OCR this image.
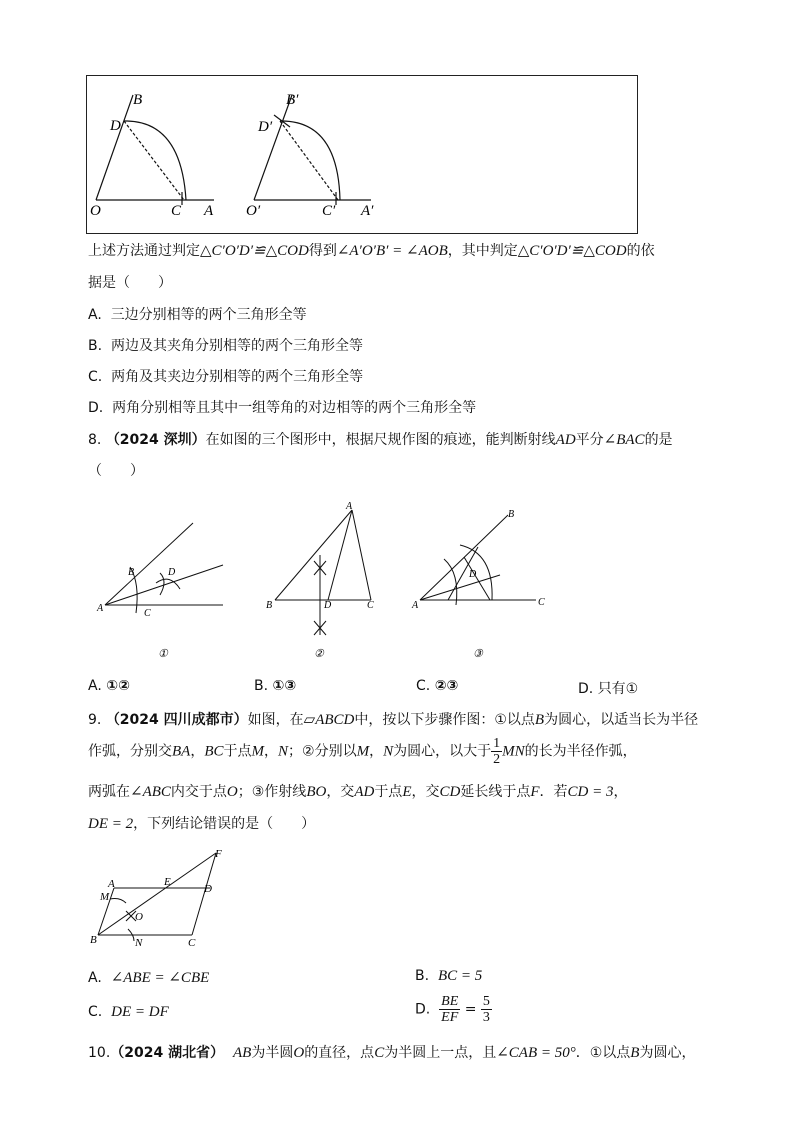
B
D
O	C A
B′
D′
O′	C′ A′
上述方法通过判定△C′O′D′≌△COD得到∠A′O′B′ = ∠AOB，其中判定△C′O′D′≌△COD的依
据是（　　）
A. 三边分别相等的两个三角形全等
B. 两边及其夹角分别相等的两个三角形全等
C. 两角及其夹边分别相等的两个三角形全等
D. 两角分别相等且其中一组等角的对边相等的两个三角形全等
8. （2024 深圳）在如图的三个图形中，根据尺规作图的痕迹，能判断射线AD平分∠BAC的是
（　　）
A
B
C
D
A
B	C
D	A
B
C
D
①	②	③
A. ①②	B. ①③	C. ②③	D. 只有①
9. （2024 四川成都市）如图，在▱ABCD中，按以下步骤作图：①以点B为圆心，以适当长为半径
作弧，分别交BA，BC于点M，N；②分别以M，N为圆心，以大于 $\frac{1}{2}$ MN的长为半径作弧，
两弧在∠ABC内交于点O；③作射线BO，交AD于点E，交CD延长线于点F．若CD = 3，
DE = 2，下列结论错误的是（　　）
A
B	C
D
E
F
M
N
O
A. ∠ABE = ∠CBE	B. BC = 5
C. DE = DF	D. $\frac{BE}{EF} = \frac{5}{3}$
10.（2024 湖北省） AB为半圆O的直径，点C为半圆上一点，且∠CAB = 50°．①以点B为圆心，
